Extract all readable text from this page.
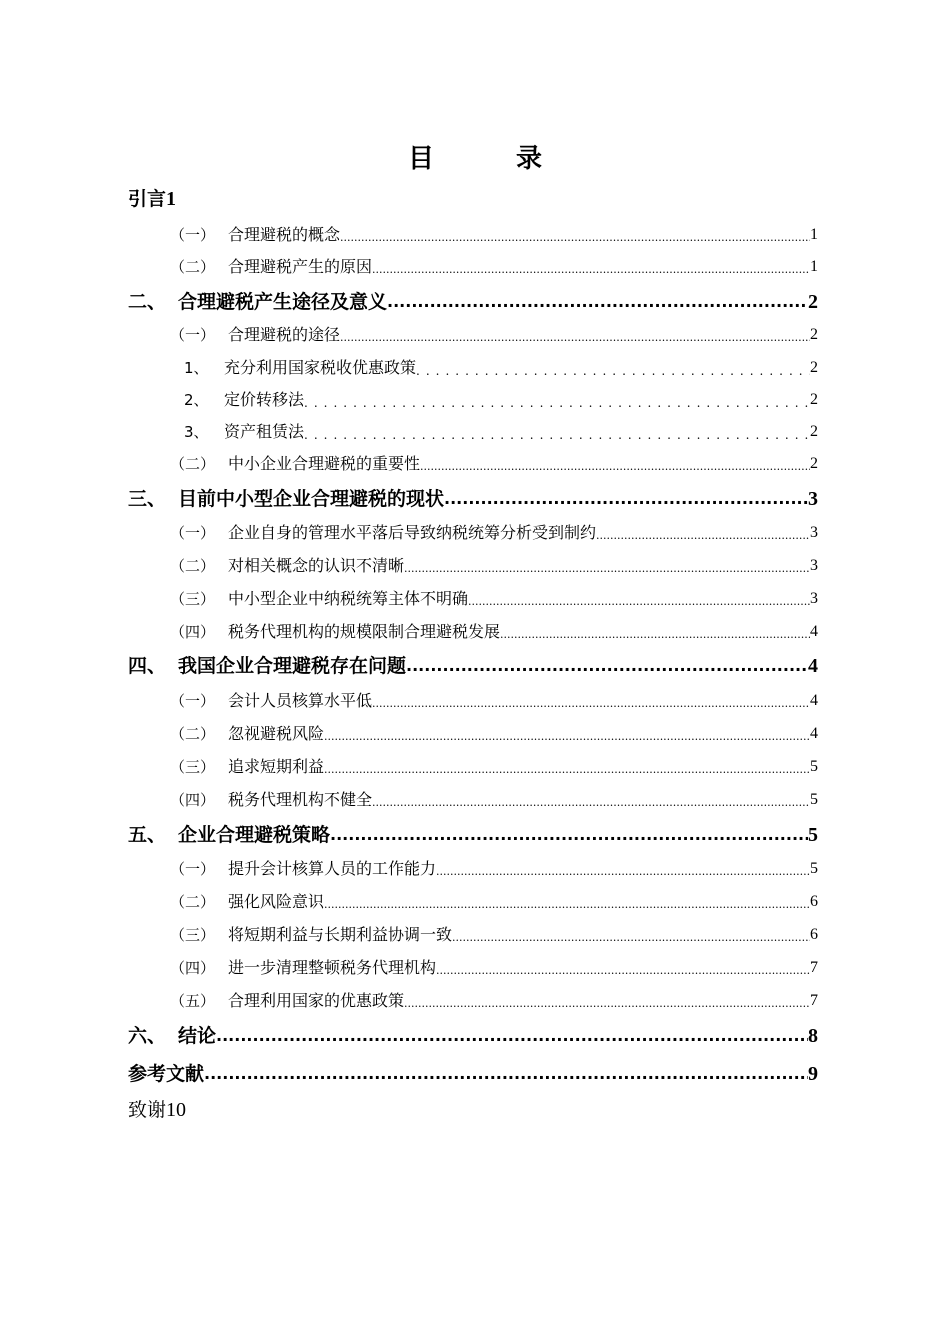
目　录
引言1
（一） 合理避税的概念 .....	1
（二） 合理避税产生的原因 .....	1
二、 合理避税产生途径及意义 .....	2
（一） 合理避税的途径 .....	2
1、 充分利用国家税收优惠政策 .....	2
2、 定价转移法 .....	2
3、 资产租赁法 .....	2
（二） 中小企业合理避税的重要性 .....	2
三、 目前中小型企业合理避税的现状 .....	3
（一） 企业自身的管理水平落后导致纳税统筹分析受到制约 .....	3
（二） 对相关概念的认识不清晰 .....	3
（三） 中小型企业中纳税统筹主体不明确 .....	3
（四） 税务代理机构的规模限制合理避税发展 .....	4
四、 我国企业合理避税存在问题 .....	4
（一） 会计人员核算水平低 .....	4
（二） 忽视避税风险 .....	4
（三） 追求短期利益 .....	5
（四） 税务代理机构不健全 .....	5
五、 企业合理避税策略 .....	5
（一） 提升会计核算人员的工作能力 .....	5
（二） 强化风险意识 .....	6
（三） 将短期利益与长期利益协调一致 .....	6
（四） 进一步清理整顿税务代理机构 .....	7
（五） 合理利用国家的优惠政策 .....	7
六、 结论 .....	8
参考文献 .....	9
致谢10
